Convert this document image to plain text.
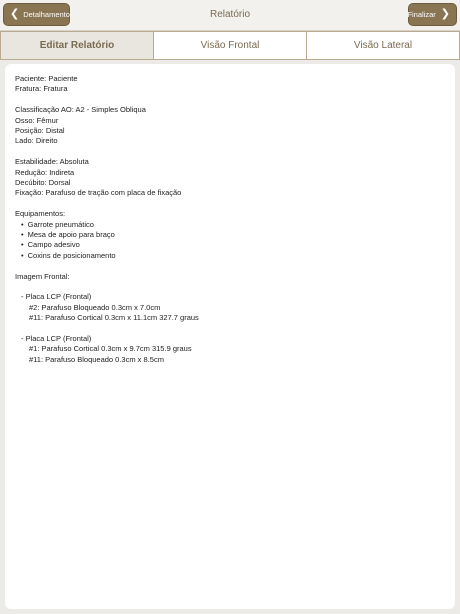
❮ Detalhamento	Relatório	Finalizar ❯
Editar Relatório	Visão Frontal	Visão Lateral
Paciente: Paciente
Fratura: Fratura
Classificação AO: A2 - Simples Obliqua
Osso: Fêmur
Posição: Distal
Lado: Direito
Estabilidade: Absoluta
Redução: Indireta
Decúbito: Dorsal
Fixação: Parafuso de tração com placa de fixação
Equipamentos:
• Garrote pneumático
• Mesa de apoio para braço
• Campo adesivo
• Coxins de posicionamento
Imagem Frontal:
- Placa LCP (Frontal)
#2: Parafuso Bloqueado 0.3cm x 7.0cm
#11: Parafuso Cortical 0.3cm x 11.1cm 327.7 graus
- Placa LCP (Frontal)
#1: Parafuso Cortical 0.3cm x 9.7cm 315.9 graus
#11: Parafuso Bloqueado 0.3cm x 8.5cm
